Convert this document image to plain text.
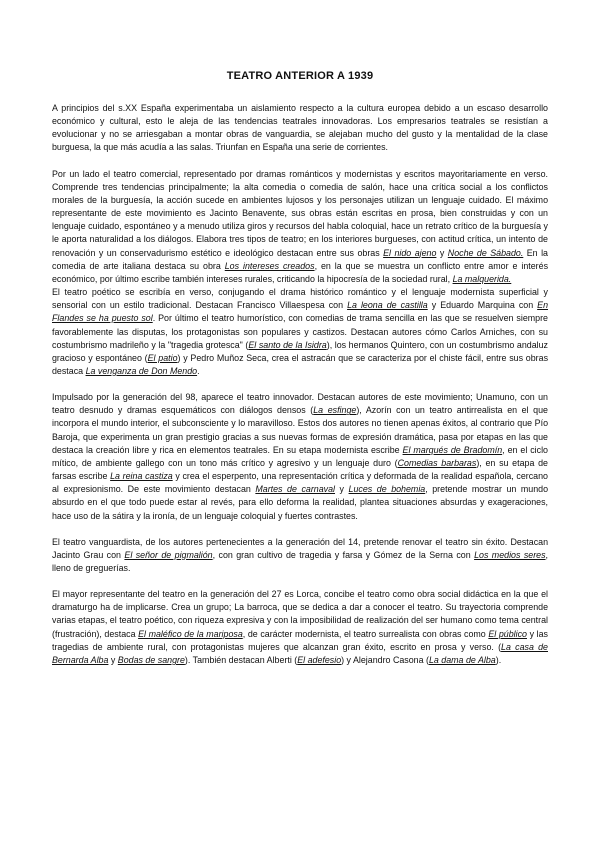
TEATRO ANTERIOR A 1939

A principios del s.XX España experimentaba un aislamiento respecto a la cultura europea debido a un escaso desarrollo económico y cultural, esto le aleja de las tendencias teatrales innovadoras. Los empresarios teatrales se resistían a evolucionar y no se arriesgaban a montar obras de vanguardia, se alejaban mucho del gusto y la mentalidad de la clase burguesa, la que más acudía a las salas. Triunfan en España una serie de corrientes.

Por un lado el teatro comercial, representado por dramas románticos y modernistas y escritos mayoritariamente en verso. Comprende tres tendencias principalmente; la alta comedia o comedia de salón, hace una crítica social a los conflictos morales de la burguesía, la acción sucede en ambientes lujosos y los personajes utilizan un lenguaje cuidado. El máximo representante de este movimiento es Jacinto Benavente, sus obras están escritas en prosa, bien construidas y con un lenguaje cuidado, espontáneo y a menudo utiliza giros y recursos del habla coloquial, hace un retrato crítico de la burguesía y le aporta naturalidad a los diálogos. Elabora tres tipos de teatro; en los interiores burgueses, con actitud crítica, un intento de renovación y un conservadurismo estético e ideológico destacan entre sus obras El nido ajeno y Noche de Sábado. En la comedia de arte italiana destaca su obra Los intereses creados, en la que se muestra un conflicto entre amor e interés económico, por último escribe también intereses rurales, criticando la hipocresía de la sociedad rural, La malquerida.

El teatro poético se escribía en verso, conjugando el drama histórico romántico y el lenguaje modernista superficial y sensorial con un estilo tradicional. Destacan Francisco Villaespesa con La leona de castilla y Eduardo Marquina con En Flandes se ha puesto sol. Por último el teatro humorístico, con comedias de trama sencilla en las que se resuelven siempre favorablemente las disputas, los protagonistas son populares y castizos. Destacan autores cómo Carlos Arniches, con su costumbrismo madrileño y la "tragedia grotesca" (El santo de la Isidra), los hermanos Quintero, con un costumbrismo andaluz gracioso y espontáneo (El patio) y Pedro Muñoz Seca, crea el astracán que se caracteriza por el chiste fácil, entre sus obras destaca La venganza de Don Mendo.

Impulsado por la generación del 98, aparece el teatro innovador. Destacan autores de este movimiento; Unamuno, con un teatro desnudo y dramas esquemáticos con diálogos densos (La esfinge), Azorín con un teatro antirrealista en el que incorpora el mundo interior, el subconsciente y lo maravilloso. Estos dos autores no tienen apenas éxitos, al contrario que Pío Baroja, que experimenta un gran prestigio gracias a sus nuevas formas de expresión dramática, pasa por etapas en las que destaca la creación libre y rica en elementos teatrales. En su etapa modernista escribe El marqués de Bradomín, en el ciclo mítico, de ambiente gallego con un tono más crítico y agresivo y un lenguaje duro (Comedias barbaras), en su etapa de farsas escribe La reina castiza y crea el esperpento, una representación crítica y deformada de la realidad española, cercano al expresionismo. De este movimiento destacan Martes de carnaval y Luces de bohemia, pretende mostrar un mundo absurdo en el que todo puede estar al revés, para ello deforma la realidad, plantea situaciones absurdas y exageraciones, hace uso de la sátira y la ironía, de un lenguaje coloquial y fuertes contrastes.

El teatro vanguardista, de los autores pertenecientes a la generación del 14, pretende renovar el teatro sin éxito. Destacan Jacinto Grau con El señor de pigmalión, con gran cultivo de tragedia y farsa y Gómez de la Serna con Los medios seres, lleno de greguerías.

El mayor representante del teatro en la generación del 27 es Lorca, concibe el teatro como obra social didáctica en la que el dramaturgo ha de implicarse. Crea un grupo; La barroca, que se dedica a dar a conocer el teatro. Su trayectoria comprende varias etapas, el teatro poético, con riqueza expresiva y con la imposibilidad de realización del ser humano como tema central (frustración), destaca El maléfico de la mariposa, de carácter modernista, el teatro surrealista con obras como El público y las tragedias de ambiente rural, con protagonistas mujeres que alcanzan gran éxito, escrito en prosa y verso. (La casa de Bernarda Alba y Bodas de sangre). También destacan Alberti (El adefesio) y Alejandro Casona (La dama de Alba).
